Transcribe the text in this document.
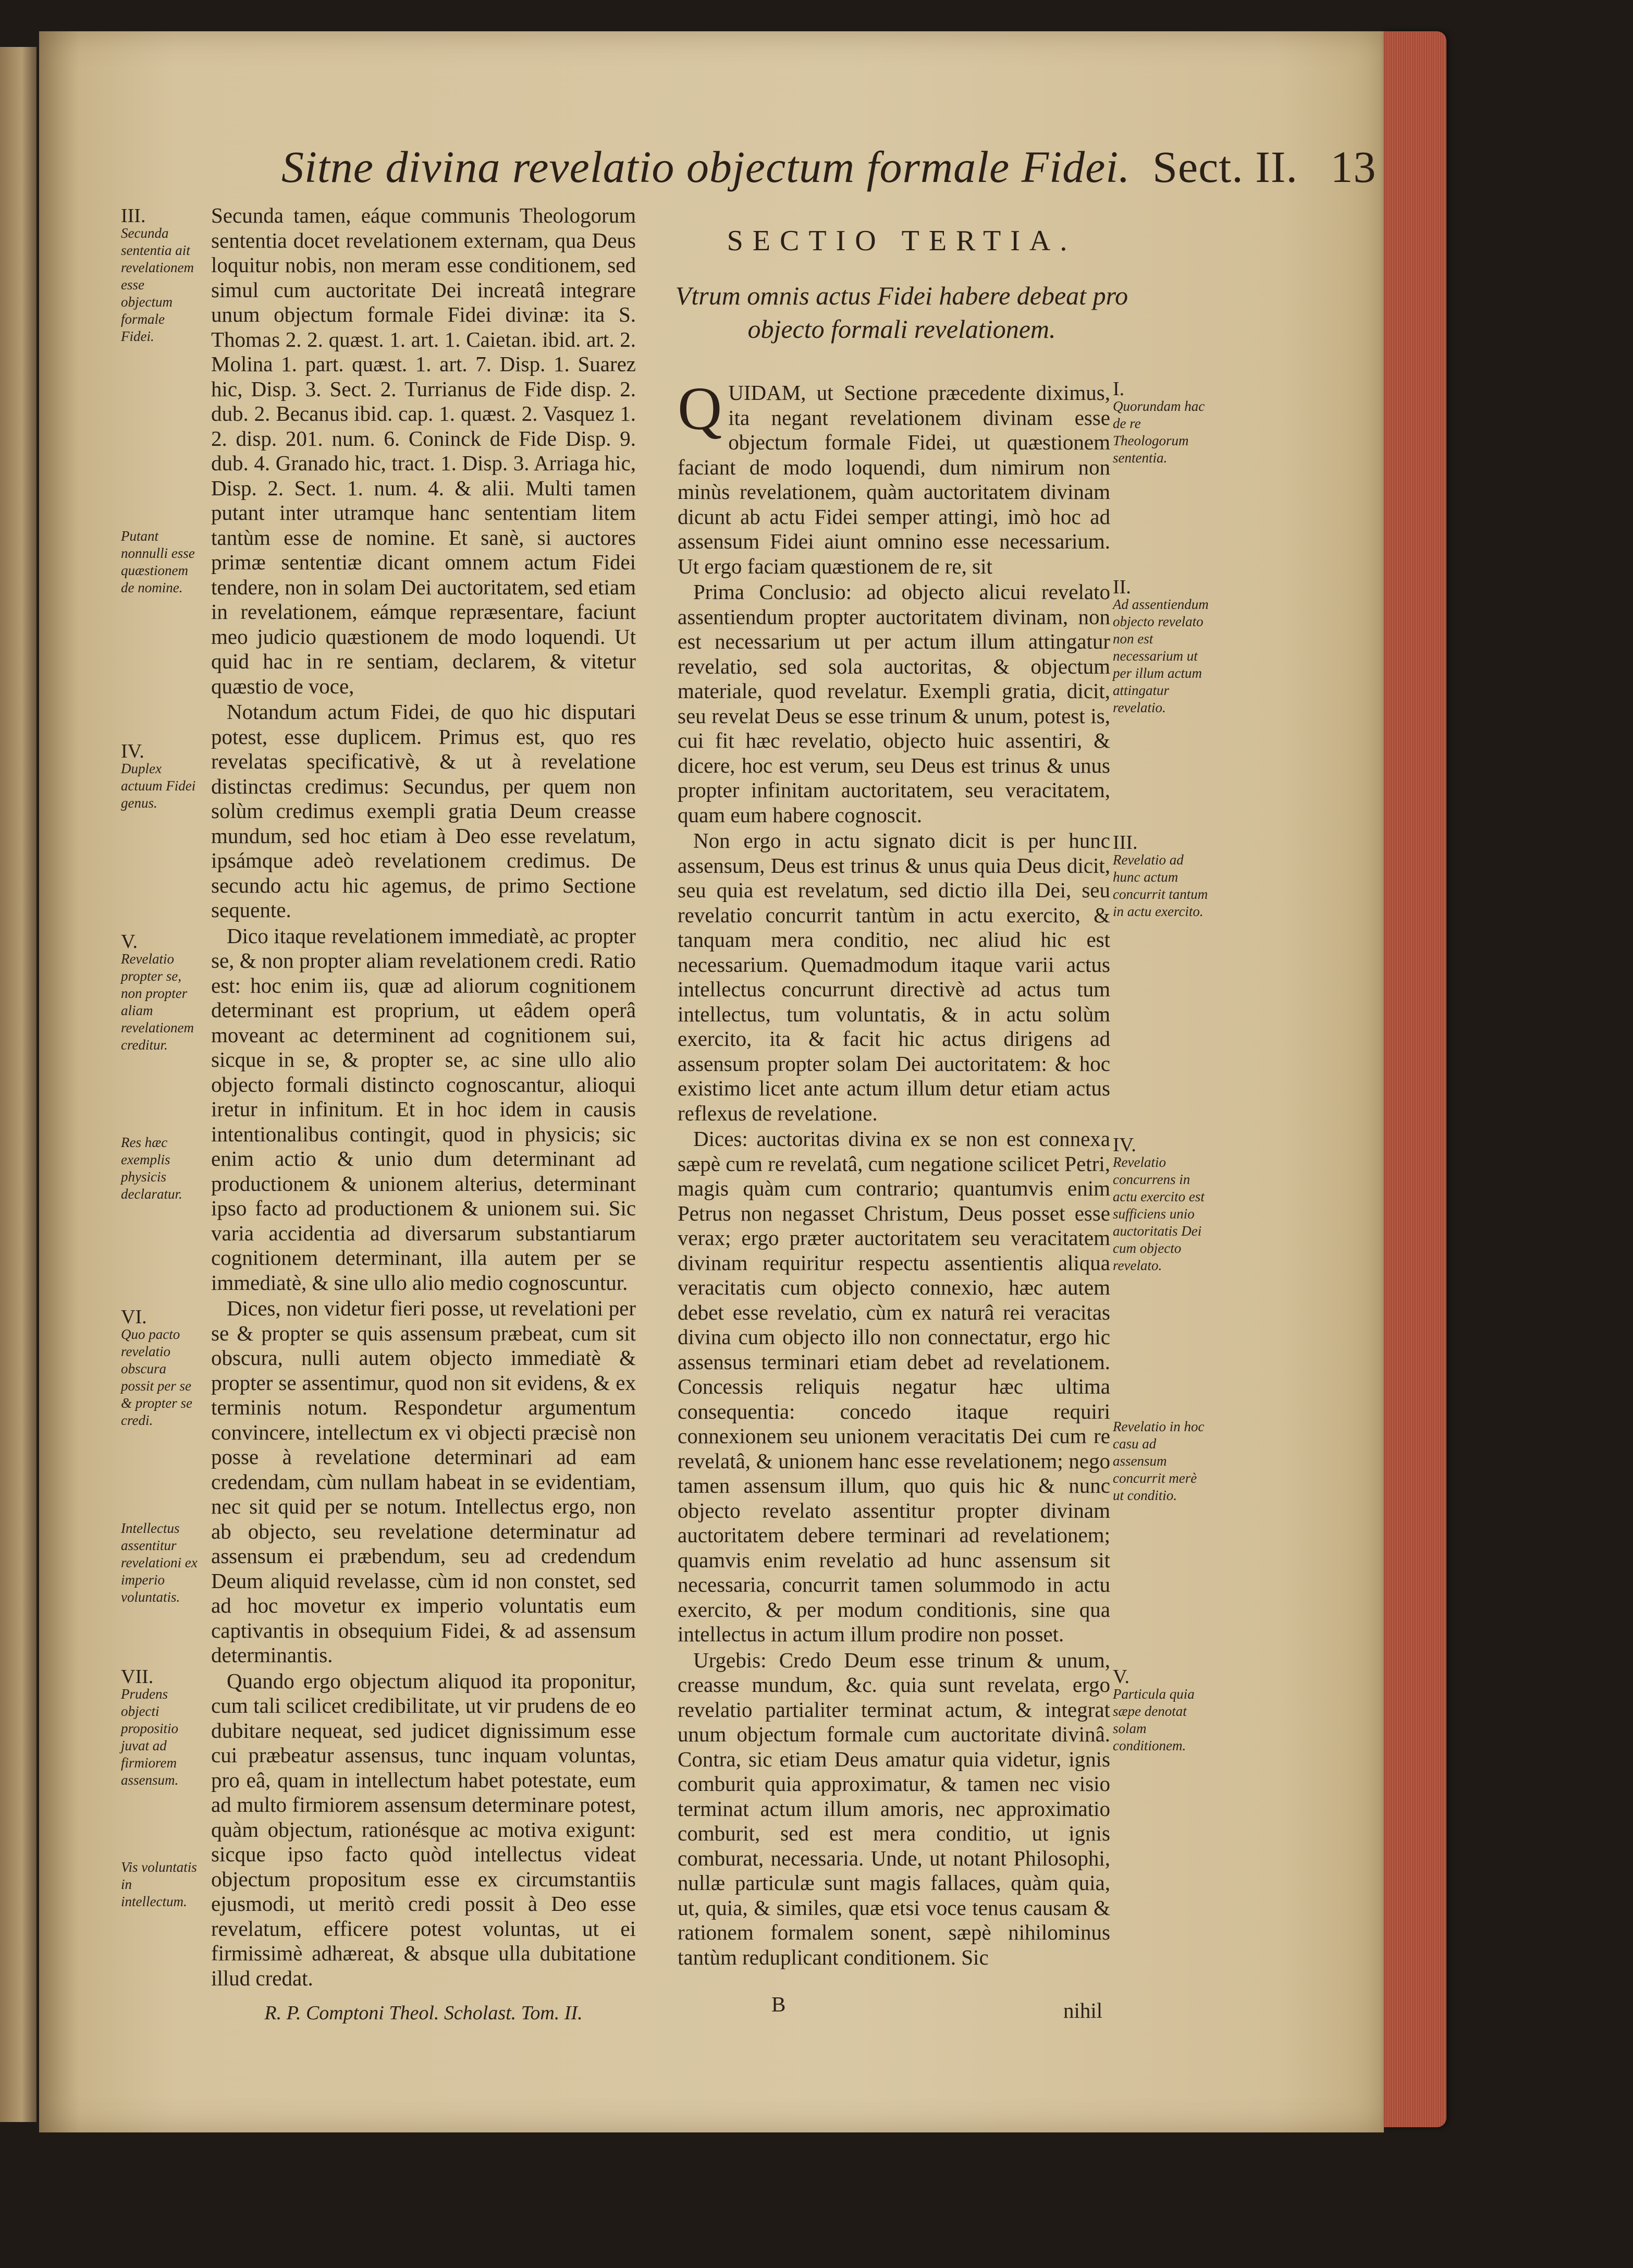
Sitne divina revelatio objectum formale Fidei. Sect. II. 13
III.
Secunda sententia ait revelationem esse objectum formale Fidei.
Putant nonnulli esse quæstionem de nomine.
IV.
Duplex actuum Fidei genus.
V.
Revelatio propter se, non propter aliam revelationem creditur.
Res hæc exemplis physicis declaratur.
VI.
Quo pacto revelatio obscura possit per se & propter se credi.
Intellectus assentitur revelationi ex imperio voluntatis.
VII.
Prudens objecti propositio juvat ad firmiorem assensum.
Vis voluntatis in intellectum.

Secunda tamen, eáque communis Theologorum sententia docet revelationem externam, qua Deus loquitur nobis, non meram esse conditionem, sed simul cum auctoritate Dei increatâ integrare unum objectum formale Fidei divinæ: ita S. Thomas 2. 2. quæst. 1. art. 1. Caietan. ibid. art. 2. Molina 1. part. quæst. 1. art. 7. Disp. 1. Suarez hic, Disp. 3. Sect. 2. Turrianus de Fide disp. 2. dub. 2. Becanus ibid. cap. 1. quæst. 2. Vasquez 1. 2. disp. 201. num. 6. Coninck de Fide Disp. 9. dub. 4. Granado hic, tract. 1. Disp. 3. Arriaga hic, Disp. 2. Sect. 1. num. 4. & alii. Multi tamen putant inter utramque hanc sententiam litem tantùm esse de nomine. Et sanè, si auctores primæ sententiæ dicant omnem actum Fidei tendere, non in solam Dei auctoritatem, sed etiam in revelationem, eámque repræsentare, faciunt meo judicio quæstionem de modo loquendi. Ut quid hac in re sentiam, declarem, & vitetur quæstio de voce,

Notandum actum Fidei, de quo hic disputari potest, esse duplicem. Primus est, quo res revelatas specificativè, & ut à revelatione distinctas credimus: Secundus, per quem non solùm credimus exempli gratia Deum creasse mundum, sed hoc etiam à Deo esse revelatum, ipsámque adeò revelationem credimus. De secundo actu hic agemus, de primo Sectione sequente.

Dico itaque revelationem immediatè, ac propter se, & non propter aliam revelationem credi. Ratio est: hoc enim iis, quæ ad aliorum cognitionem determinant est proprium, ut eâdem operâ moveant ac determinent ad cognitionem sui, sicque in se, & propter se, ac sine ullo alio objecto formali distincto cognoscantur, alioqui iretur in infinitum. Et in hoc idem in causis intentionalibus contingit, quod in physicis; sic enim actio & unio dum determinant ad productionem & unionem alterius, determinant ipso facto ad productionem & unionem sui. Sic varia accidentia ad diversarum substantiarum cognitionem determinant, illa autem per se immediatè, & sine ullo alio medio cognoscuntur.

Dices, non videtur fieri posse, ut revelationi per se & propter se quis assensum præbeat, cum sit obscura, nulli autem objecto immediatè & propter se assentimur, quod non sit evidens, & ex terminis notum. Respondetur argumentum convincere, intellectum ex vi objecti præcisè non posse à revelatione determinari ad eam credendam, cùm nullam habeat in se evidentiam, nec sit quid per se notum. Intellectus ergo, non ab objecto, seu revelatione determinatur ad assensum ei præbendum, seu ad credendum Deum aliquid revelasse, cùm id non constet, sed ad hoc movetur ex imperio voluntatis eum captivantis in obsequium Fidei, & ad assensum determinantis.

Quando ergo objectum aliquod ita proponitur, cum tali scilicet credibilitate, ut vir prudens de eo dubitare nequeat, sed judicet dignissimum esse cui præbeatur assensus, tunc inquam voluntas, pro eâ, quam in intellectum habet potestate, eum ad multo firmiorem assensum determinare potest, quàm objectum, rationésque ac motiva exigunt: sicque ipso facto quòd intellectus videat objectum propositum esse ex circumstantiis ejusmodi, ut meritò credi possit à Deo esse revelatum, efficere potest voluntas, ut ei firmissimè adhæreat, & absque ulla dubitatione illud credat.

R. P. Comptoni Theol. Scholast. Tom. II.

SECTIO TERTIA.
Vtrum omnis actus Fidei habere debeat pro objecto formali revelationem.

QUIDAM, ut Sectione præcedente diximus, ita negant revelationem divinam esse objectum formale Fidei, ut quæstionem faciant de modo loquendi, dum nimirum non minùs revelationem, quàm auctoritatem divinam dicunt ab actu Fidei semper attingi, imò hoc ad assensum Fidei aiunt omnino esse necessarium. Ut ergo faciam quæstionem de re, sit

Prima Conclusio: ad objecto alicui revelato assentiendum propter auctoritatem divinam, non est necessarium ut per actum illum attingatur revelatio, sed sola auctoritas, & objectum materiale, quod revelatur. Exempli gratia, dicit, seu revelat Deus se esse trinum & unum, potest is, cui fit hæc revelatio, objecto huic assentiri, & dicere, hoc est verum, seu Deus est trinus & unus propter infinitam auctoritatem, seu veracitatem, quam eum habere cognoscit.

Non ergo in actu signato dicit is per hunc assensum, Deus est trinus & unus quia Deus dicit, seu quia est revelatum, sed dictio illa Dei, seu revelatio concurrit tantùm in actu exercito, & tanquam mera conditio, nec aliud hic est necessarium. Quemadmodum itaque varii actus intellectus concurrunt directivè ad actus tum intellectus, tum voluntatis, & in actu solùm exercito, ita & facit hic actus dirigens ad assensum propter solam Dei auctoritatem: & hoc existimo licet ante actum illum detur etiam actus reflexus de revelatione.

Dices: auctoritas divina ex se non est connexa sæpè cum re revelatâ, cum negatione scilicet Petri, magis quàm cum contrario; quantumvis enim Petrus non negasset Christum, Deus posset esse verax; ergo præter auctoritatem seu veracitatem divinam requiritur respectu assentientis aliqua veracitatis cum objecto connexio, hæc autem debet esse revelatio, cùm ex naturâ rei veracitas divina cum objecto illo non connectatur, ergo hic assensus terminari etiam debet ad revelationem. Concessis reliquis negatur hæc ultima consequentia: concedo itaque requiri connexionem seu unionem veracitatis Dei cum re revelatâ, & unionem hanc esse revelationem; nego tamen assensum illum, quo quis hic & nunc objecto revelato assentitur propter divinam auctoritatem debere terminari ad revelationem; quamvis enim revelatio ad hunc assensum sit necessaria, concurrit tamen solummodo in actu exercito, & per modum conditionis, sine qua intellectus in actum illum prodire non posset.

Urgebis: Credo Deum esse trinum & unum, creasse mundum, &c. quia sunt revelata, ergo revelatio partialiter terminat actum, & integrat unum objectum formale cum auctoritate divinâ. Contra, sic etiam Deus amatur quia videtur, ignis comburit quia approximatur, & tamen nec visio terminat actum illum amoris, nec approximatio comburit, sed est mera conditio, ut ignis comburat, necessaria. Unde, ut notant Philosophi, nullæ particulæ sunt magis fallaces, quàm quia, ut, quia, & similes, quæ etsi voce tenus causam & rationem formalem sonent, sæpè nihilominus tantùm reduplicant conditionem. Sic

B	nihil
I.
Quorundam hac de re Theologorum sententia.
II.
Ad assentiendum objecto revelato non est necessarium ut per illum actum attingatur revelatio.
III.
Revelatio ad hunc actum concurrit tantum in actu exercito.
IV.
Revelatio concurrens in actu exercito est sufficiens unio auctoritatis Dei cum objecto revelato.
Revelatio in hoc casu ad assensum concurrit merè ut conditio.
V.
Particula quia sæpe denotat solam conditionem.
